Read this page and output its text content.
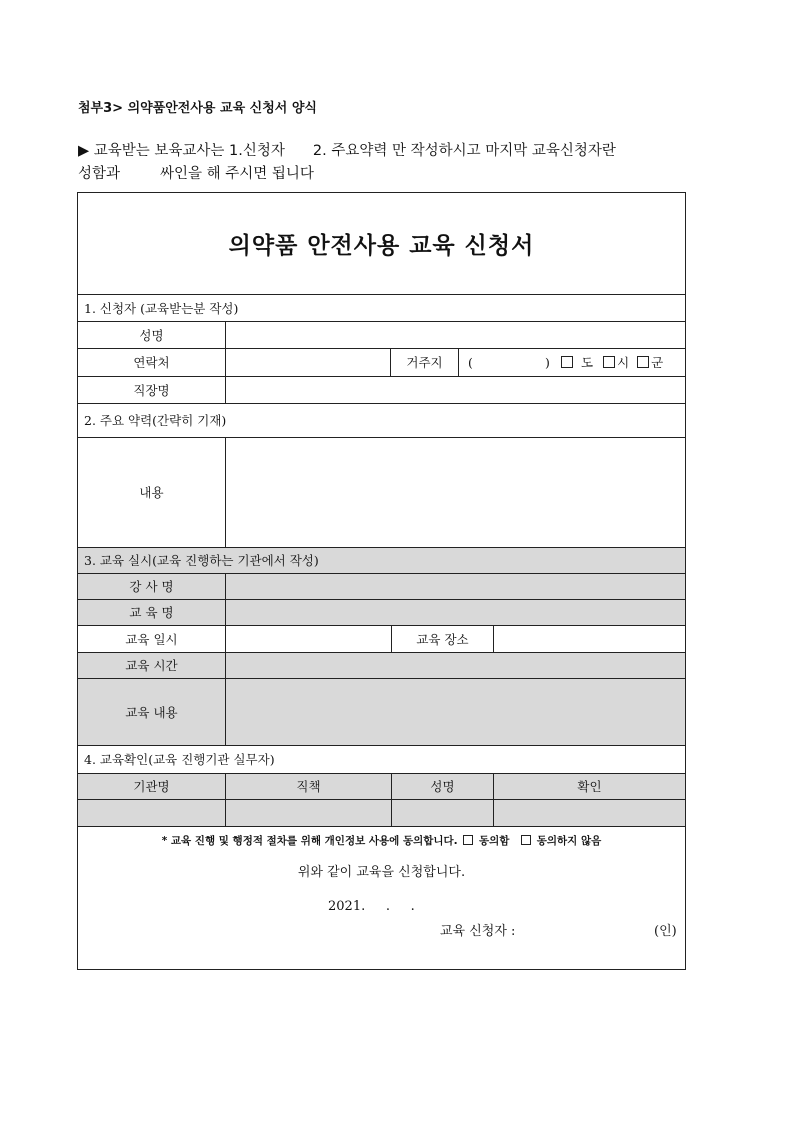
첨부3> 의약품안전사용 교육 신청서 양식
▶ 교육받는 보육교사는 1.신청자 2. 주요약력 만 작성하시고 마지막 교육신청자란
성함과	싸인을 해 주시면 됩니다
의약품 안전사용 교육 신청서
1. 신청자 (교육받는분 작성)
성명
연락처	거주지	(	) 도 시 군
직장명
2. 주요 약력(간략히 기재)
내용
3. 교육 실시(교육 진행하는 기관에서 작성)
강 사 명
교 육 명
교육 일시	교육 장소
교육 시간
교육 내용
4. 교육확인(교육 진행기관 실무자)
기관명	직책	성명	확인
* 교육 진행 및 행정적 절차를 위해 개인정보 사용에 동의합니다. 동의함	동의하지 않음
위와 같이 교육을 신청합니다.
2021.     .     .
교육 신청자 :	(인)
